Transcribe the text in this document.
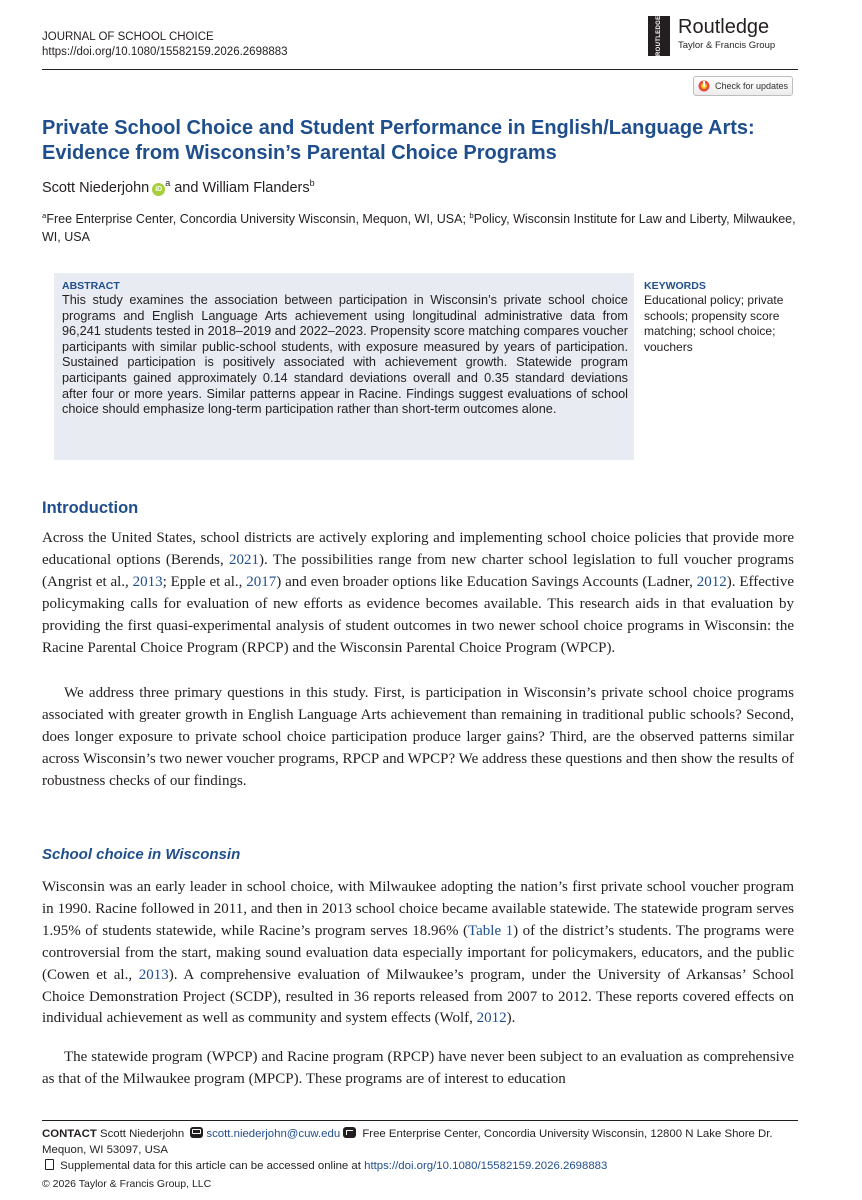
JOURNAL OF SCHOOL CHOICE
https://doi.org/10.1080/15582159.2026.2698883	ROUTLEDGE Routledge
Taylor & Francis Group
Check for updates
Private School Choice and Student Performance in English/Language Arts: Evidence from Wisconsin’s Parental Choice Programs
Scott Niederjohn $iD^a$ and William Flanders$^b$
$^a$Free Enterprise Center, Concordia University Wisconsin, Mequon, WI, USA; $^b$Policy, Wisconsin Institute for Law and Liberty, Milwaukee, WI, USA
ABSTRACT

This study examines the association between participation in Wisconsin’s private school choice programs and English Language Arts achievement using longitudinal administrative data from 96,241 students tested in 2018–2019 and 2022–2023. Propensity score matching compares voucher participants with similar public-school students, with exposure measured by years of participation. Sustained participation is positively associated with achievement growth. Statewide program participants gained approximately 0.14 standard deviations overall and 0.35 standard deviations after four or more years. Similar patterns appear in Racine. Findings suggest evaluations of school choice should emphasize long-term participation rather than short-term outcomes alone.

KEYWORDS

Educational policy; private schools; propensity score matching; school choice; vouchers

Introduction

Across the United States, school districts are actively exploring and implementing school choice policies that provide more educational options (Berends, 2021). The possibilities range from new charter school legislation to full voucher programs (Angrist et al., 2013; Epple et al., 2017) and even broader options like Education Savings Accounts (Ladner, 2012). Effective policymaking calls for evaluation of new efforts as evidence becomes available. This research aids in that evaluation by providing the first quasi-experimental analysis of student outcomes in two newer school choice programs in Wisconsin: the Racine Parental Choice Program (RPCP) and the Wisconsin Parental Choice Program (WPCP).

We address three primary questions in this study. First, is participation in Wisconsin’s private school choice programs associated with greater growth in English Language Arts achievement than remaining in traditional public schools? Second, does longer exposure to private school choice participation produce larger gains? Third, are the observed patterns similar across Wisconsin’s two newer voucher programs, RPCP and WPCP? We address these questions and then show the results of robustness checks of our findings.

School choice in Wisconsin

Wisconsin was an early leader in school choice, with Milwaukee adopting the nation’s first private school voucher program in 1990. Racine followed in 2011, and then in 2013 school choice became available statewide. The statewide program serves 1.95% of students statewide, while Racine’s program serves 18.96% (Table 1) of the district’s students. The programs were controversial from the start, making sound evaluation data especially important for policymakers, educators, and the public (Cowen et al., 2013). A comprehensive evaluation of Milwaukee’s program, under the University of Arkansas’ School Choice Demonstration Project (SCDP), resulted in 36 reports released from 2007 to 2012. These reports covered effects on individual achievement as well as community and system effects (Wolf, 2012).

The statewide program (WPCP) and Racine program (RPCP) have never been subject to an evaluation as comprehensive as that of the Milwaukee program (MPCP). These programs are of interest to education

CONTACT Scott Niederjohn scott.niederjohn@cuw.edu Free Enterprise Center, Concordia University Wisconsin, 12800 N Lake Shore Dr. Mequon, WI 53097, USA
Supplemental data for this article can be accessed online at https://doi.org/10.1080/15582159.2026.2698883
© 2026 Taylor & Francis Group, LLC
